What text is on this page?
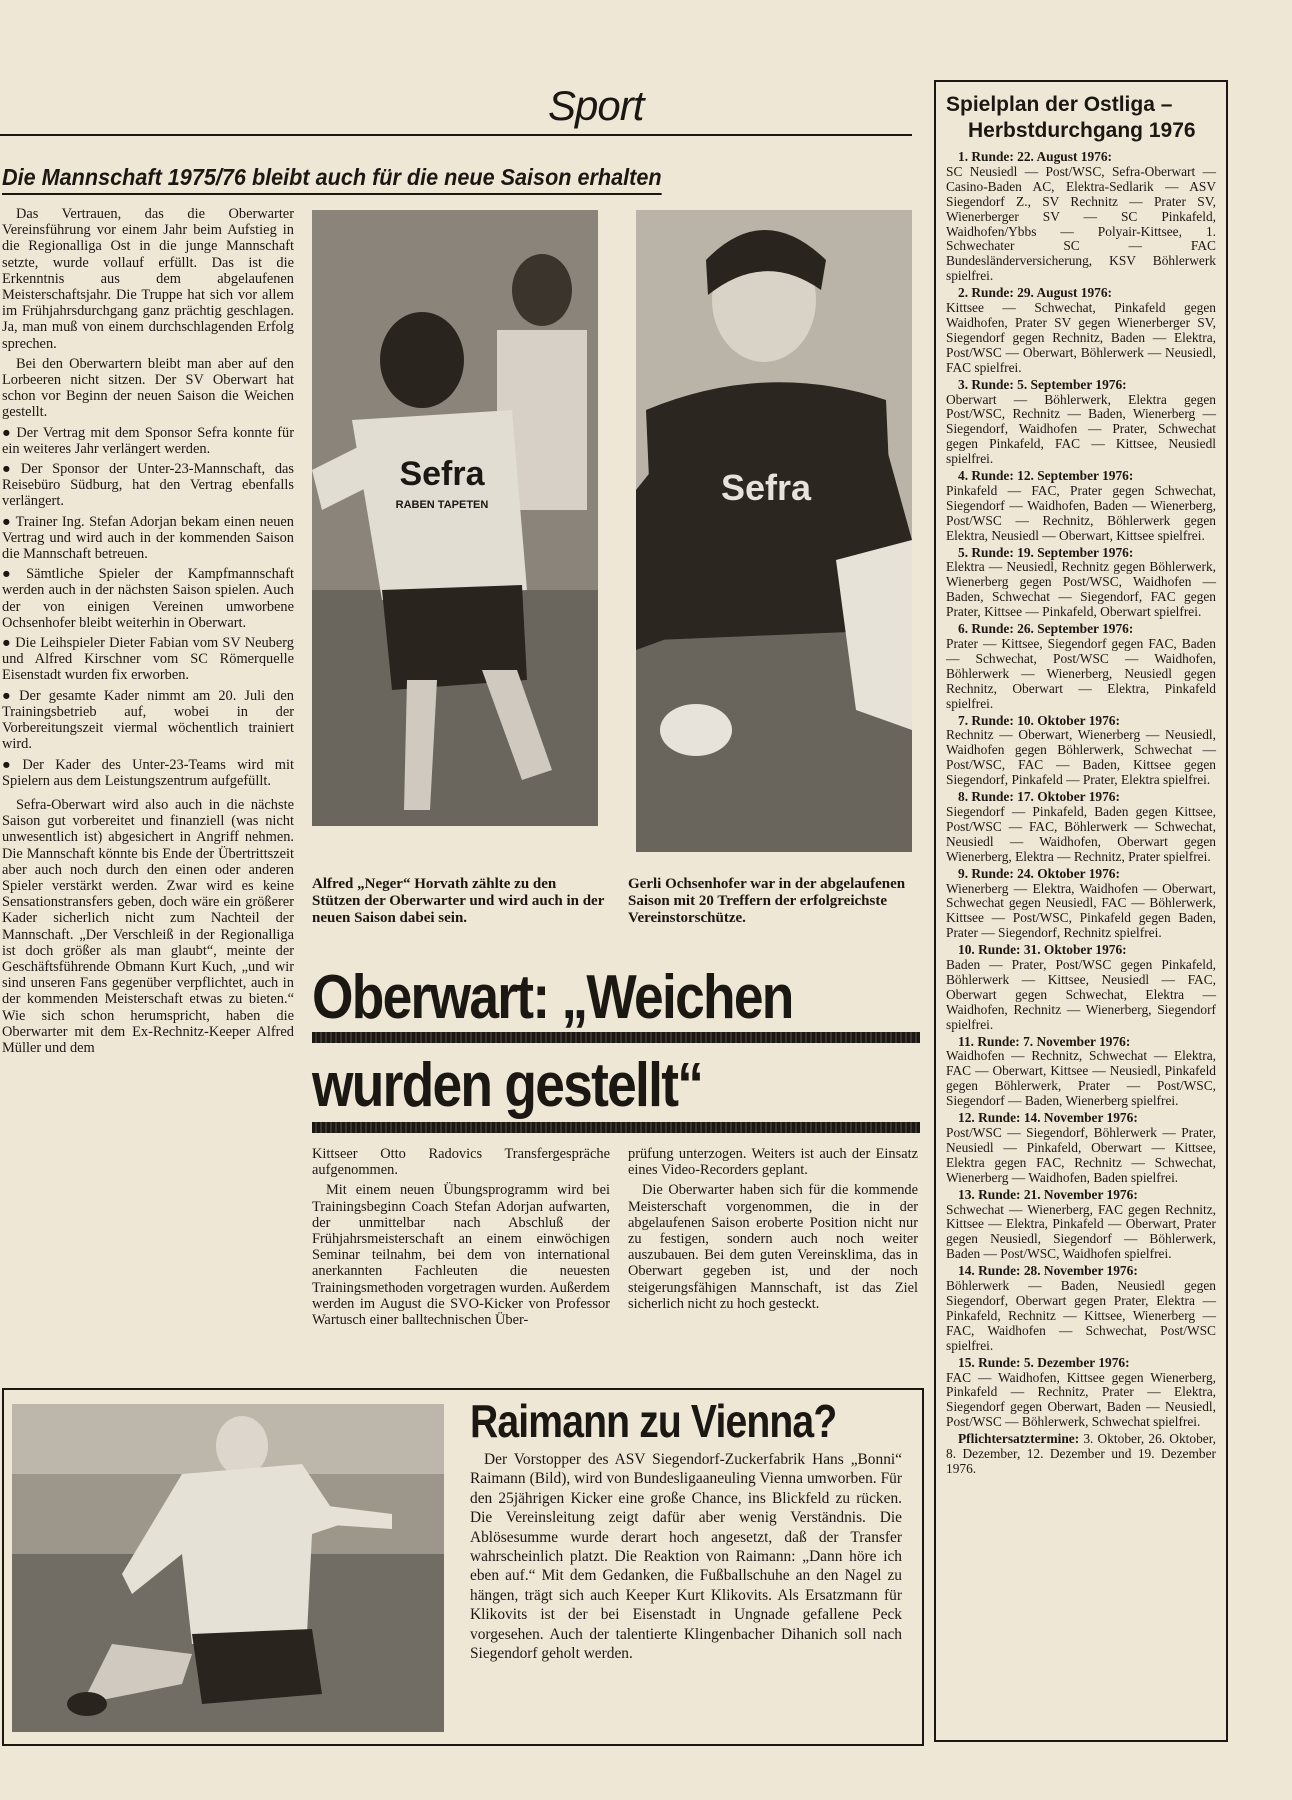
Sport
Die Mannschaft 1975/76 bleibt auch für die neue Saison erhalten

Das Vertrauen, das die Oberwarter Vereinsführung vor einem Jahr beim Aufstieg in die Regionalliga Ost in die junge Mannschaft setzte, wurde vollauf erfüllt. Das ist die Erkenntnis aus dem abgelaufenen Meisterschaftsjahr. Die Truppe hat sich vor allem im Frühjahrsdurchgang ganz prächtig geschlagen. Ja, man muß von einem durchschlagenden Erfolg sprechen.

Bei den Oberwartern bleibt man aber auf den Lorbeeren nicht sitzen. Der SV Oberwart hat schon vor Beginn der neuen Saison die Weichen gestellt.

● Der Vertrag mit dem Sponsor Sefra konnte für ein weiteres Jahr verlängert werden.

● Der Sponsor der Unter-23-Mannschaft, das Reisebüro Südburg, hat den Vertrag ebenfalls verlängert.

● Trainer Ing. Stefan Adorjan bekam einen neuen Vertrag und wird auch in der kommenden Saison die Mannschaft betreuen.

● Sämtliche Spieler der Kampfmannschaft werden auch in der nächsten Saison spielen. Auch der von einigen Vereinen umworbene Ochsenhofer bleibt weiterhin in Oberwart.

● Die Leihspieler Dieter Fabian vom SV Neuberg und Alfred Kirschner vom SC Römerquelle Eisenstadt wurden fix erworben.

● Der gesamte Kader nimmt am 20. Juli den Trainingsbetrieb auf, wobei in der Vorbereitungszeit viermal wöchentlich trainiert wird.

● Der Kader des Unter-23-Teams wird mit Spielern aus dem Leistungszentrum aufgefüllt.

Sefra-Oberwart wird also auch in die nächste Saison gut vorbereitet und finanziell (was nicht unwesentlich ist) abgesichert in Angriff nehmen. Die Mannschaft könnte bis Ende der Übertrittszeit aber auch noch durch den einen oder anderen Spieler verstärkt werden. Zwar wird es keine Sensationstransfers geben, doch wäre ein größerer Kader sicherlich nicht zum Nachteil der Mannschaft. „Der Verschleiß in der Regionalliga ist doch größer als man glaubt“, meinte der Geschäftsführende Obmann Kurt Kuch, „und wir sind unseren Fans gegenüber verpflichtet, auch in der kommenden Meisterschaft etwas zu bieten.“ Wie sich schon herumspricht, haben die Oberwarter mit dem Ex-Rechnitz-Keeper Alfred Müller und dem

Sefra
RABEN TAPETEN	Sefra
Alfred „Neger“ Horvath zählte zu den Stützen der Oberwarter und wird auch in der neuen Saison dabei sein.
Gerli Ochsenhofer war in der abgelaufenen Saison mit 20 Treffern der erfolgreichste Vereinstorschütze.
Oberwart: „Weichen
wurden gestellt“

Kittseer Otto Radovics Transfergespräche aufgenommen.

Mit einem neuen Übungsprogramm wird bei Trainingsbeginn Coach Stefan Adorjan aufwarten, der unmittelbar nach Abschluß der Frühjahrsmeisterschaft an einem einwöchigen Seminar teilnahm, bei dem von international anerkannten Fachleuten die neuesten Trainingsmethoden vorgetragen wurden. Außerdem werden im August die SVO-Kicker von Professor Wartusch einer balltechnischen Über-

prüfung unterzogen. Weiters ist auch der Einsatz eines Video-Recorders geplant.

Die Oberwarter haben sich für die kommende Meisterschaft vorgenommen, die in der abgelaufenen Saison eroberte Position nicht nur zu festigen, sondern auch noch weiter auszubauen. Bei dem guten Vereinsklima, das in Oberwart gegeben ist, und der noch steigerungsfähigen Mannschaft, ist das Ziel sicherlich nicht zu hoch gesteckt.

Raimann zu Vienna?
Der Vorstopper des ASV Siegendorf-Zuckerfabrik Hans „Bonni“ Raimann (Bild), wird von Bundesligaaneuling Vienna umworben. Für den 25jährigen Kicker eine große Chance, ins Blickfeld zu rücken. Die Vereinsleitung zeigt dafür aber wenig Verständnis. Die Ablösesumme wurde derart hoch angesetzt, daß der Transfer wahrscheinlich platzt. Die Reaktion von Raimann: „Dann höre ich eben auf.“ Mit dem Gedanken, die Fußballschuhe an den Nagel zu hängen, trägt sich auch Keeper Kurt Klikovits. Als Ersatzmann für Klikovits ist der bei Eisenstadt in Ungnade gefallene Peck vorgesehen. Auch der talentierte Klingenbacher Dihanich soll nach Siegendorf geholt werden.
Spielplan der Ostliga –
Herbstdurchgang 1976

1. Runde: 22. August 1976:
SC Neusiedl — Post/WSC, Sefra-Oberwart — Casino-Baden AC, Elektra-Sedlarik — ASV Siegendorf Z., SV Rechnitz — Prater SV, Wienerberger SV — SC Pinkafeld, Waidhofen/Ybbs — Polyair-Kittsee, 1. Schwechater SC — FAC Bundesländerversicherung, KSV Böhlerwerk spielfrei.

2. Runde: 29. August 1976:
Kittsee — Schwechat, Pinkafeld gegen Waidhofen, Prater SV gegen Wienerberger SV, Siegendorf gegen Rechnitz, Baden — Elektra, Post/WSC — Oberwart, Böhlerwerk — Neusiedl, FAC spielfrei.

3. Runde: 5. September 1976:
Oberwart — Böhlerwerk, Elektra gegen Post/WSC, Rechnitz — Baden, Wienerberg — Siegendorf, Waidhofen — Prater, Schwechat gegen Pinkafeld, FAC — Kittsee, Neusiedl spielfrei.

4. Runde: 12. September 1976:
Pinkafeld — FAC, Prater gegen Schwechat, Siegendorf — Waidhofen, Baden — Wienerberg, Post/WSC — Rechnitz, Böhlerwerk gegen Elektra, Neusiedl — Oberwart, Kittsee spielfrei.

5. Runde: 19. September 1976:
Elektra — Neusiedl, Rechnitz gegen Böhlerwerk, Wienerberg gegen Post/WSC, Waidhofen — Baden, Schwechat — Siegendorf, FAC gegen Prater, Kittsee — Pinkafeld, Oberwart spielfrei.

6. Runde: 26. September 1976:
Prater — Kittsee, Siegendorf gegen FAC, Baden — Schwechat, Post/WSC — Waidhofen, Böhlerwerk — Wienerberg, Neusiedl gegen Rechnitz, Oberwart — Elektra, Pinkafeld spielfrei.

7. Runde: 10. Oktober 1976:
Rechnitz — Oberwart, Wienerberg — Neusiedl, Waidhofen gegen Böhlerwerk, Schwechat — Post/WSC, FAC — Baden, Kittsee gegen Siegendorf, Pinkafeld — Prater, Elektra spielfrei.

8. Runde: 17. Oktober 1976:
Siegendorf — Pinkafeld, Baden gegen Kittsee, Post/WSC — FAC, Böhlerwerk — Schwechat, Neusiedl — Waidhofen, Oberwart gegen Wienerberg, Elektra — Rechnitz, Prater spielfrei.

9. Runde: 24. Oktober 1976:
Wienerberg — Elektra, Waidhofen — Oberwart, Schwechat gegen Neusiedl, FAC — Böhlerwerk, Kittsee — Post/WSC, Pinkafeld gegen Baden, Prater — Siegendorf, Rechnitz spielfrei.

10. Runde: 31. Oktober 1976:
Baden — Prater, Post/WSC gegen Pinkafeld, Böhlerwerk — Kittsee, Neusiedl — FAC, Oberwart gegen Schwechat, Elektra — Waidhofen, Rechnitz — Wienerberg, Siegendorf spielfrei.

11. Runde: 7. November 1976:
Waidhofen — Rechnitz, Schwechat — Elektra, FAC — Oberwart, Kittsee — Neusiedl, Pinkafeld gegen Böhlerwerk, Prater — Post/WSC, Siegendorf — Baden, Wienerberg spielfrei.

12. Runde: 14. November 1976:
Post/WSC — Siegendorf, Böhlerwerk — Prater, Neusiedl — Pinkafeld, Oberwart — Kittsee, Elektra gegen FAC, Rechnitz — Schwechat, Wienerberg — Waidhofen, Baden spielfrei.

13. Runde: 21. November 1976:
Schwechat — Wienerberg, FAC gegen Rechnitz, Kittsee — Elektra, Pinkafeld — Oberwart, Prater gegen Neusiedl, Siegendorf — Böhlerwerk, Baden — Post/WSC, Waidhofen spielfrei.

14. Runde: 28. November 1976:
Böhlerwerk — Baden, Neusiedl gegen Siegendorf, Oberwart gegen Prater, Elektra — Pinkafeld, Rechnitz — Kittsee, Wienerberg — FAC, Waidhofen — Schwechat, Post/WSC spielfrei.

15. Runde: 5. Dezember 1976:
FAC — Waidhofen, Kittsee gegen Wienerberg, Pinkafeld — Rechnitz, Prater — Elektra, Siegendorf gegen Oberwart, Baden — Neusiedl, Post/WSC — Böhlerwerk, Schwechat spielfrei.

Pflichtersatztermine: 3. Oktober, 26. Oktober, 8. Dezember, 12. Dezember und 19. Dezember 1976.
